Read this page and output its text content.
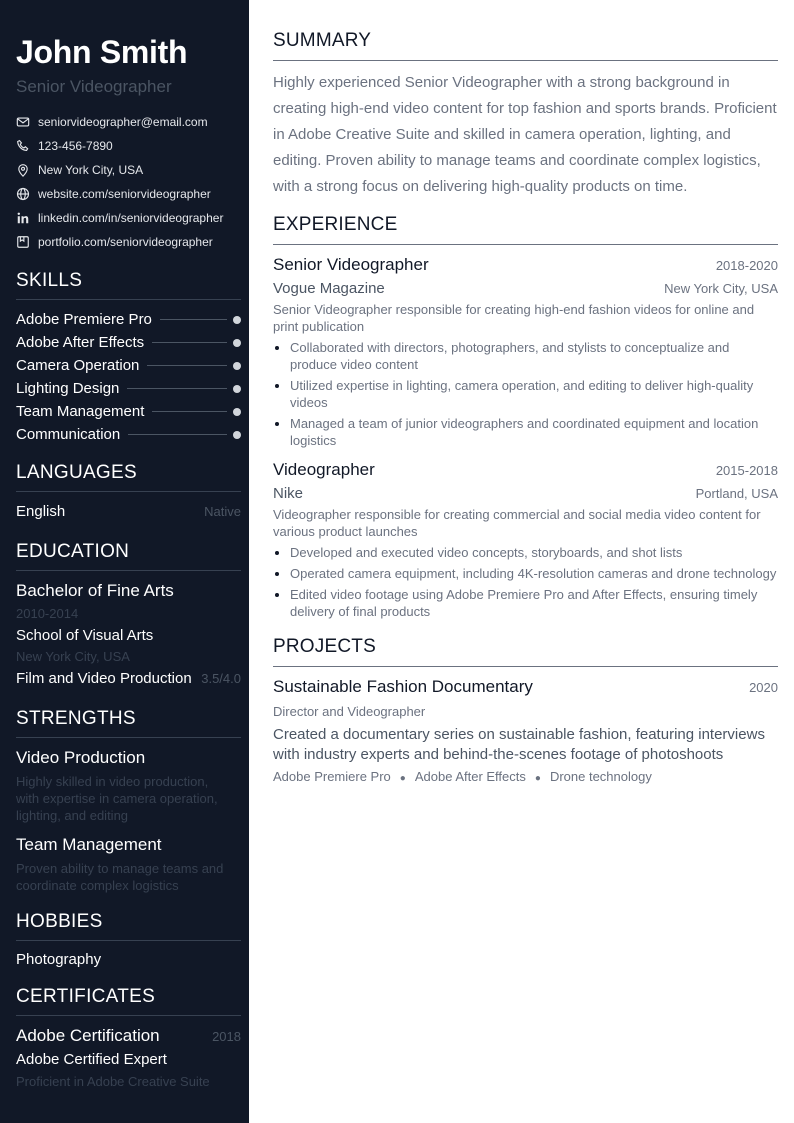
John Smith
Senior Videographer
seniorvideographer@email.com
123-456-7890
New York City, USA
website.com/seniorvideographer
linkedin.com/in/seniorvideographer
portfolio.com/seniorvideographer
SKILLS
Adobe Premiere Pro
Adobe After Effects
Camera Operation
Lighting Design
Team Management
Communication
LANGUAGES
English	Native
EDUCATION
Bachelor of Fine Arts
2010-2014
School of Visual Arts
New York City, USA
Film and Video Production 3.5/4.0
STRENGTHS
Video Production
Highly skilled in video production, with expertise in camera operation, lighting, and editing
Team Management
Proven ability to manage teams and coordinate complex logistics
HOBBIES
Photography
CERTIFICATES
Adobe Certification	2018
Adobe Certified Expert
Proficient in Adobe Creative Suite
SUMMARY
Highly experienced Senior Videographer with a strong background in creating high-end video content for top fashion and sports brands. Proficient in Adobe Creative Suite and skilled in camera operation, lighting, and editing. Proven ability to manage teams and coordinate complex logistics, with a strong focus on delivering high-quality products on time.
EXPERIENCE
Senior Videographer	2018-2020
Vogue Magazine	New York City, USA
Senior Videographer responsible for creating high-end fashion videos for online and print publication
• Collaborated with directors, photographers, and stylists to conceptualize and produce video content
• Utilized expertise in lighting, camera operation, and editing to deliver high-quality videos
• Managed a team of junior videographers and coordinated equipment and location logistics
Videographer	2015-2018
Nike	Portland, USA
Videographer responsible for creating commercial and social media video content for various product launches
• Developed and executed video concepts, storyboards, and shot lists
• Operated camera equipment, including 4K-resolution cameras and drone technology
• Edited video footage using Adobe Premiere Pro and After Effects, ensuring timely delivery of final products
PROJECTS
Sustainable Fashion Documentary	2020
Director and Videographer
Created a documentary series on sustainable fashion, featuring interviews with industry experts and behind-the-scenes footage of photoshoots
Adobe Premiere Pro ● Adobe After Effects ● Drone technology
